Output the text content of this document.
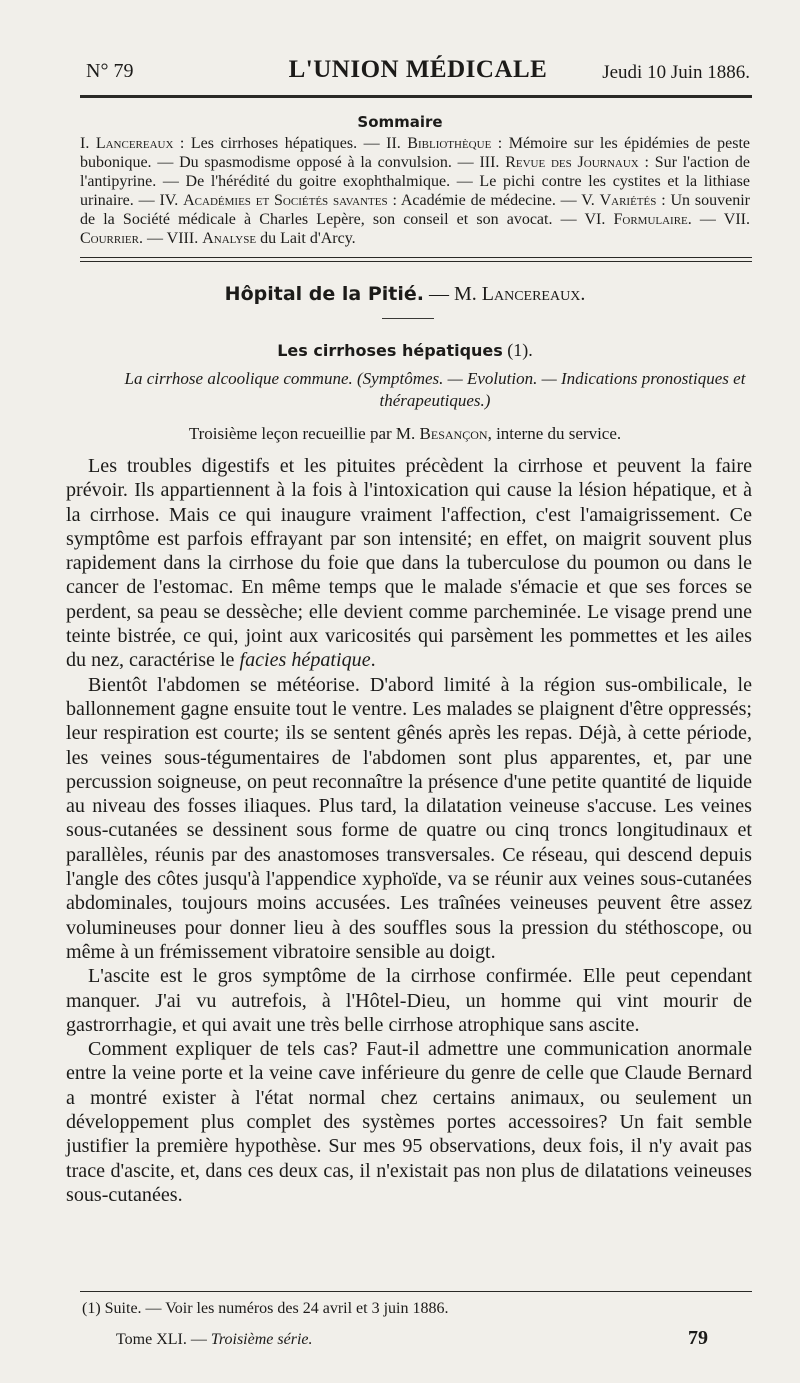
N° 79	L'UNION MÉDICALE	Jeudi 10 Juin 1886.
Sommaire

I. Lancereaux : Les cirrhoses hépatiques. — II. Bibliothèque : Mémoire sur les épidémies de peste bubonique. — Du spasmodisme opposé à la convulsion. — III. Revue des Journaux : Sur l'action de l'antipyrine. — De l'hérédité du goitre exophthalmique. — Le pichi contre les cystites et la lithiase urinaire. — IV. Académies et Sociétés savantes : Académie de médecine. — V. Variétés : Un souvenir de la Société médicale à Charles Lepère, son conseil et son avocat. — VI. Formulaire. — VII. Courrier. — VIII. Analyse du Lait d'Arcy.

Hôpital de la Pitié. — M. Lancereaux.
Les cirrhoses hépatiques (1).

La cirrhose alcoolique commune. (Symptômes. — Evolution. — Indications pronostiques et thérapeutiques.)

Troisième leçon recueillie par M. Besançon, interne du service.

Les troubles digestifs et les pituites précèdent la cirrhose et peuvent la faire prévoir. Ils appartiennent à la fois à l'intoxication qui cause la lésion hépatique, et à la cirrhose. Mais ce qui inaugure vraiment l'affection, c'est l'amaigrissement. Ce symptôme est parfois effrayant par son intensité; en effet, on maigrit souvent plus rapidement dans la cirrhose du foie que dans la tuberculose du poumon ou dans le cancer de l'estomac. En même temps que le malade s'émacie et que ses forces se perdent, sa peau se dessèche; elle devient comme parcheminée. Le visage prend une teinte bistrée, ce qui, joint aux varicosités qui parsèment les pommettes et les ailes du nez, caractérise le facies hépatique.

Bientôt l'abdomen se météorise. D'abord limité à la région sus-ombilicale, le ballonnement gagne ensuite tout le ventre. Les malades se plaignent d'être oppressés; leur respiration est courte; ils se sentent gênés après les repas. Déjà, à cette période, les veines sous-tégumentaires de l'abdomen sont plus apparentes, et, par une percussion soigneuse, on peut reconnaître la présence d'une petite quantité de liquide au niveau des fosses iliaques. Plus tard, la dilatation veineuse s'accuse. Les veines sous-cutanées se dessinent sous forme de quatre ou cinq troncs longitudinaux et parallèles, réunis par des anastomoses transversales. Ce réseau, qui descend depuis l'angle des côtes jusqu'à l'appendice xyphoïde, va se réunir aux veines sous-cutanées abdominales, toujours moins accusées. Les traînées veineuses peuvent être assez volumineuses pour donner lieu à des souffles sous la pression du stéthoscope, ou même à un frémissement vibratoire sensible au doigt.

L'ascite est le gros symptôme de la cirrhose confirmée. Elle peut cependant manquer. J'ai vu autrefois, à l'Hôtel-Dieu, un homme qui vint mourir de gastrorrhagie, et qui avait une très belle cirrhose atrophique sans ascite.

Comment expliquer de tels cas? Faut-il admettre une communication anormale entre la veine porte et la veine cave inférieure du genre de celle que Claude Bernard a montré exister à l'état normal chez certains animaux, ou seulement un développement plus complet des systèmes portes accessoires? Un fait semble justifier la première hypothèse. Sur mes 95 observations, deux fois, il n'y avait pas trace d'ascite, et, dans ces deux cas, il n'existait pas non plus de dilatations veineuses sous-cutanées.

(1) Suite. — Voir les numéros des 24 avril et 3 juin 1886.
Tome XLI. — Troisième série.	79
